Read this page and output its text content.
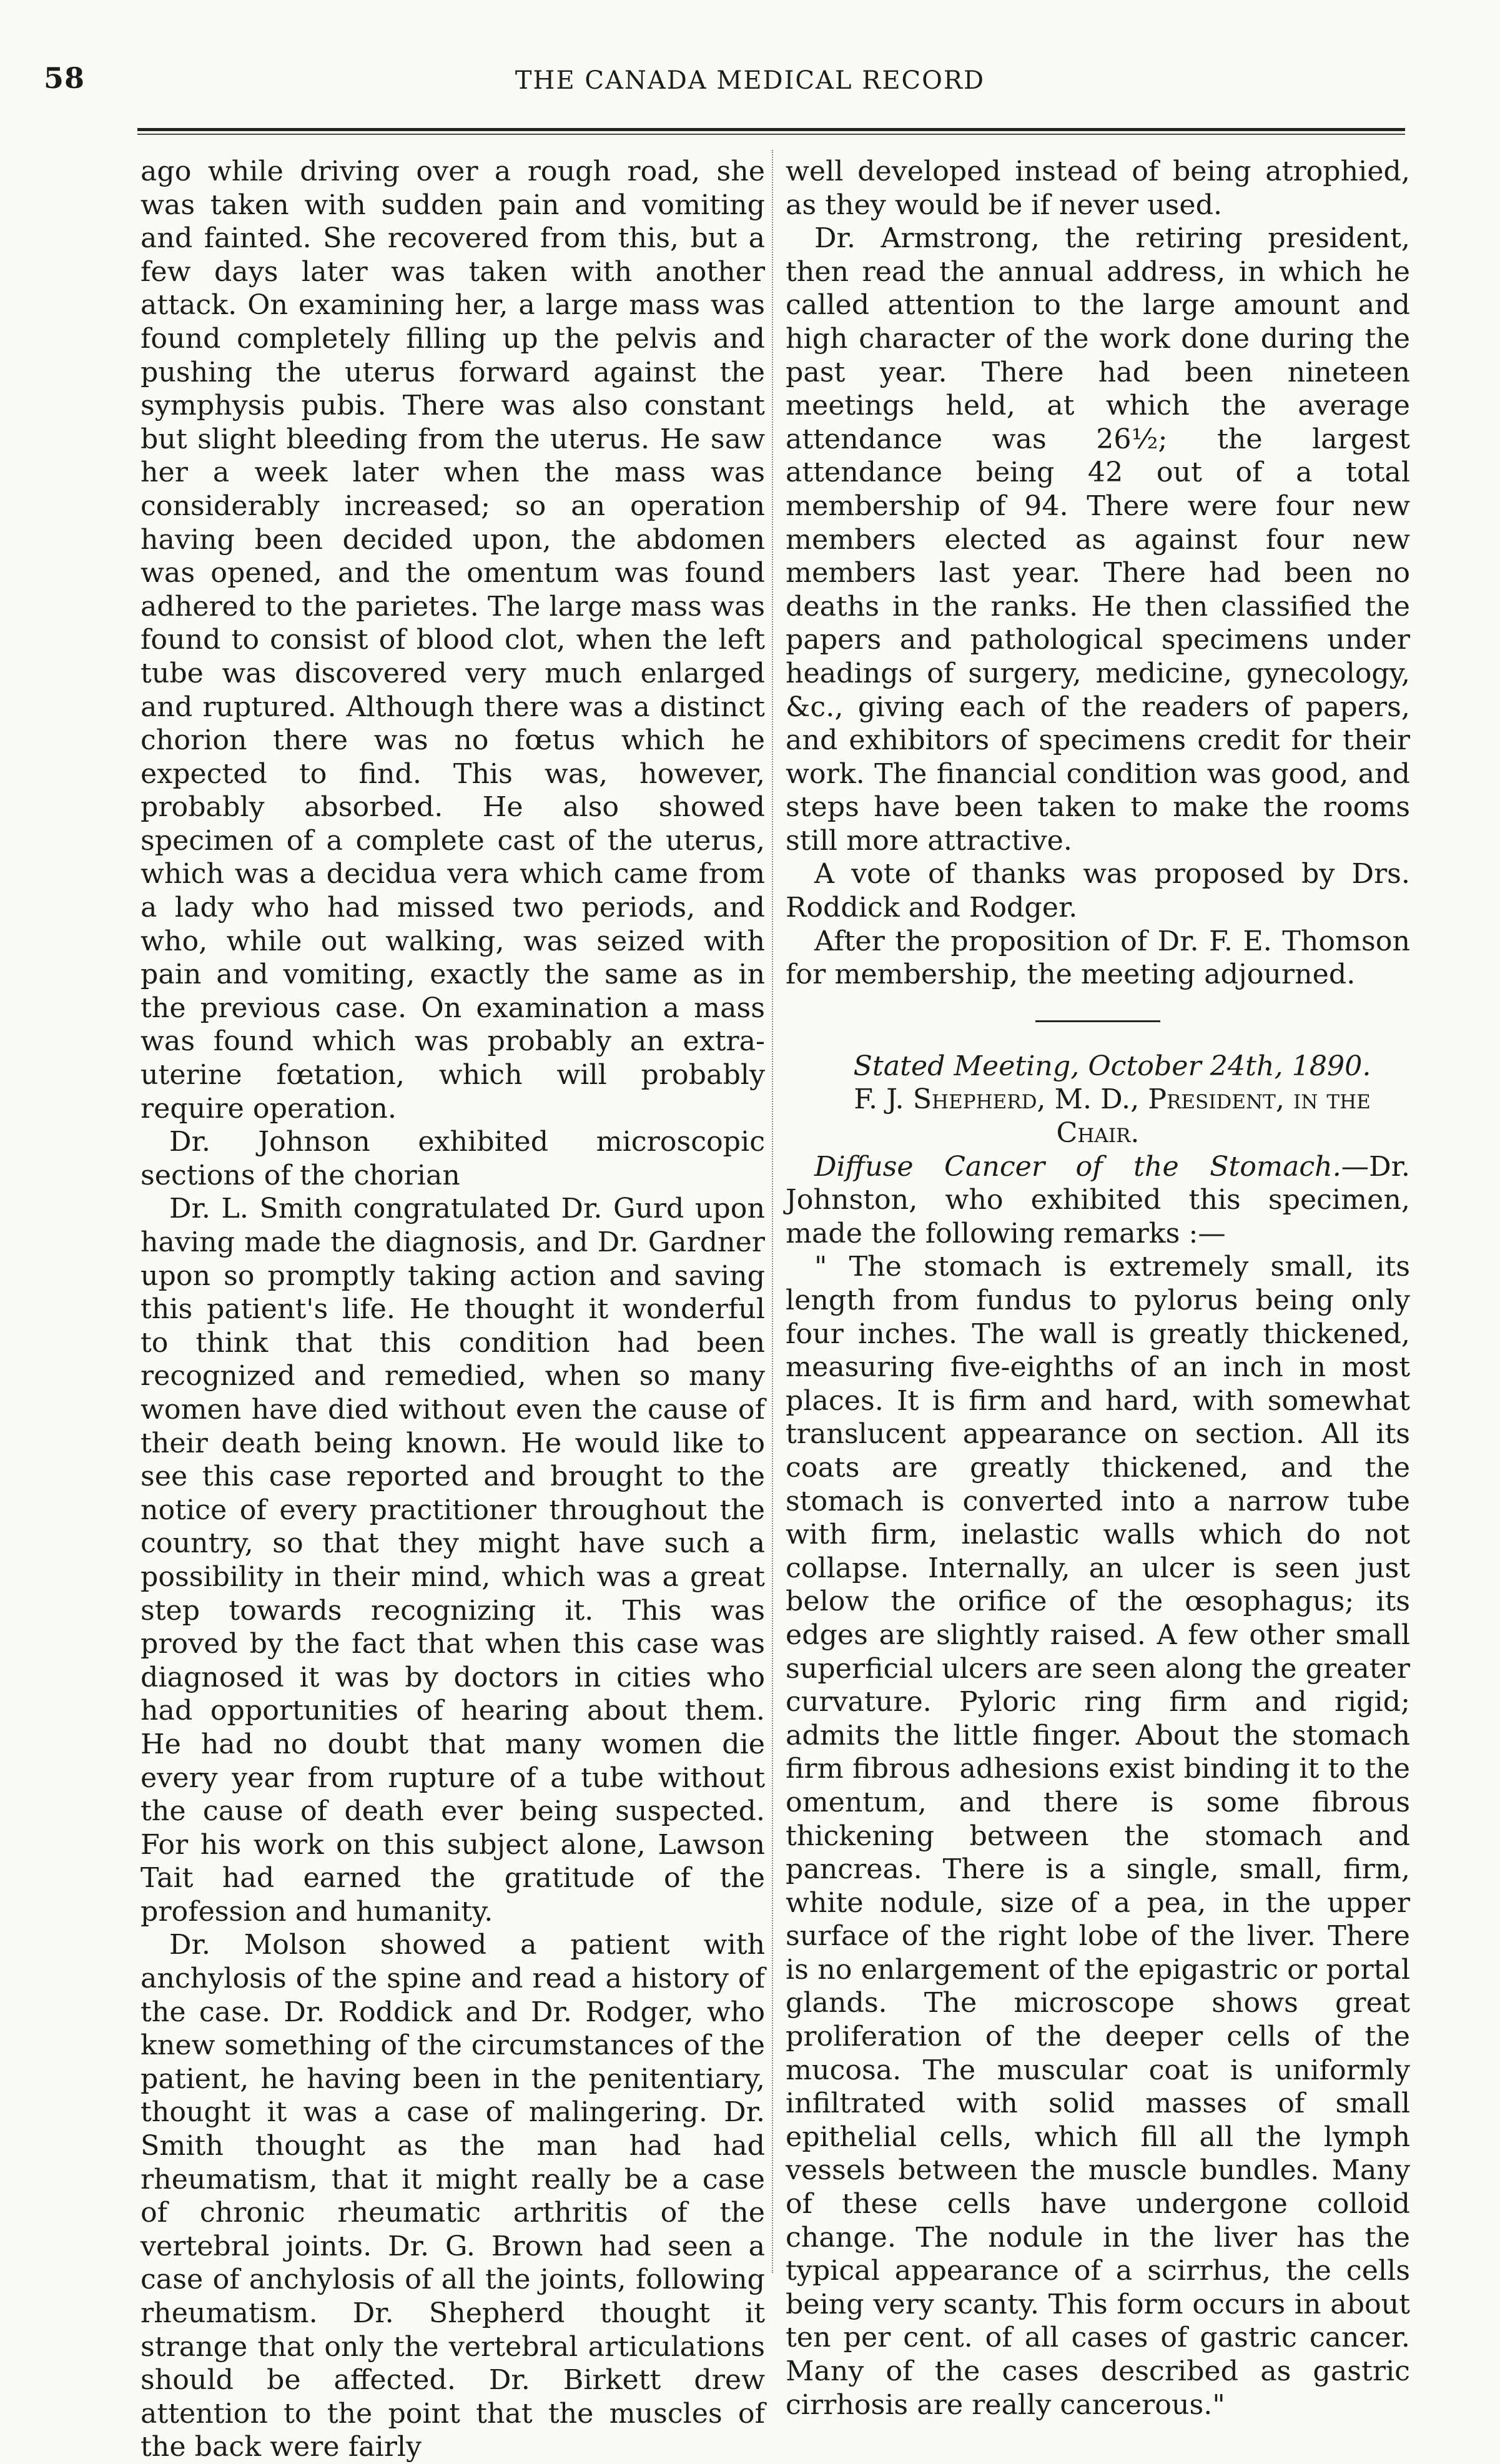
58	THE CANADA MEDICAL RECORD

ago while driving over a rough road, she was taken with sudden pain and vomiting and fainted. She recovered from this, but a few days later was taken with another attack. On examining her, a large mass was found completely filling up the pelvis and pushing the uterus forward against the symphysis pubis. There was also constant but slight bleeding from the uterus. He saw her a week later when the mass was considerably increased; so an operation having been decided upon, the abdomen was opened, and the omentum was found adhered to the parietes. The large mass was found to consist of blood clot, when the left tube was discovered very much enlarged and ruptured. Although there was a distinct chorion there was no fœtus which he expected to find. This was, however, probably absorbed. He also showed specimen of a complete cast of the uterus, which was a decidua vera which came from a lady who had missed two periods, and who, while out walking, was seized with pain and vomiting, exactly the same as in the previous case. On examination a mass was found which was probably an extra-uterine fœtation, which will probably require operation.

Dr. Johnson exhibited microscopic sections of the chorian

Dr. L. Smith congratulated Dr. Gurd upon having made the diagnosis, and Dr. Gardner upon so promptly taking action and saving this patient's life. He thought it wonderful to think that this condition had been recognized and remedied, when so many women have died without even the cause of their death being known. He would like to see this case reported and brought to the notice of every practitioner throughout the country, so that they might have such a possibility in their mind, which was a great step towards recognizing it. This was proved by the fact that when this case was diagnosed it was by doctors in cities who had opportunities of hearing about them. He had no doubt that many women die every year from rupture of a tube without the cause of death ever being suspected. For his work on this subject alone, Lawson Tait had earned the gratitude of the profession and humanity.

Dr. Molson showed a patient with anchylosis of the spine and read a history of the case. Dr. Roddick and Dr. Rodger, who knew something of the circumstances of the patient, he having been in the penitentiary, thought it was a case of malingering. Dr. Smith thought as the man had had rheumatism, that it might really be a case of chronic rheumatic arthritis of the vertebral joints. Dr. G. Brown had seen a case of anchylosis of all the joints, following rheumatism. Dr. Shepherd thought it strange that only the vertebral articulations should be affected. Dr. Birkett drew attention to the point that the muscles of the back were fairly

well developed instead of being atrophied, as they would be if never used.

Dr. Armstrong, the retiring president, then read the annual address, in which he called attention to the large amount and high character of the work done during the past year. There had been nineteen meetings held, at which the average attendance was 26½; the largest attendance being 42 out of a total membership of 94. There were four new members elected as against four new members last year. There had been no deaths in the ranks. He then classified the papers and pathological specimens under headings of surgery, medicine, gynecology, &c., giving each of the readers of papers, and exhibitors of specimens credit for their work. The financial condition was good, and steps have been taken to make the rooms still more attractive.

A vote of thanks was proposed by Drs. Roddick and Rodger.

After the proposition of Dr. F. E. Thomson for membership, the meeting adjourned.

Stated Meeting, October 24th, 1890.

F. J. Shepherd, M. D., President, in the Chair.

Diffuse Cancer of the Stomach.—Dr. Johnston, who exhibited this specimen, made the following remarks :—

" The stomach is extremely small, its length from fundus to pylorus being only four inches. The wall is greatly thickened, measuring five-eighths of an inch in most places. It is firm and hard, with somewhat translucent appearance on section. All its coats are greatly thickened, and the stomach is converted into a narrow tube with firm, inelastic walls which do not collapse. Internally, an ulcer is seen just below the orifice of the œsophagus; its edges are slightly raised. A few other small superficial ulcers are seen along the greater curvature. Pyloric ring firm and rigid; admits the little finger. About the stomach firm fibrous adhesions exist binding it to the omentum, and there is some fibrous thickening between the stomach and pancreas. There is a single, small, firm, white nodule, size of a pea, in the upper surface of the right lobe of the liver. There is no enlargement of the epigastric or portal glands. The microscope shows great proliferation of the deeper cells of the mucosa. The muscular coat is uniformly infiltrated with solid masses of small epithelial cells, which fill all the lymph vessels between the muscle bundles. Many of these cells have undergone colloid change. The nodule in the liver has the typical appearance of a scirrhus, the cells being very scanty. This form occurs in about ten per cent. of all cases of gastric cancer. Many of the cases described as gastric cirrhosis are really cancerous."
